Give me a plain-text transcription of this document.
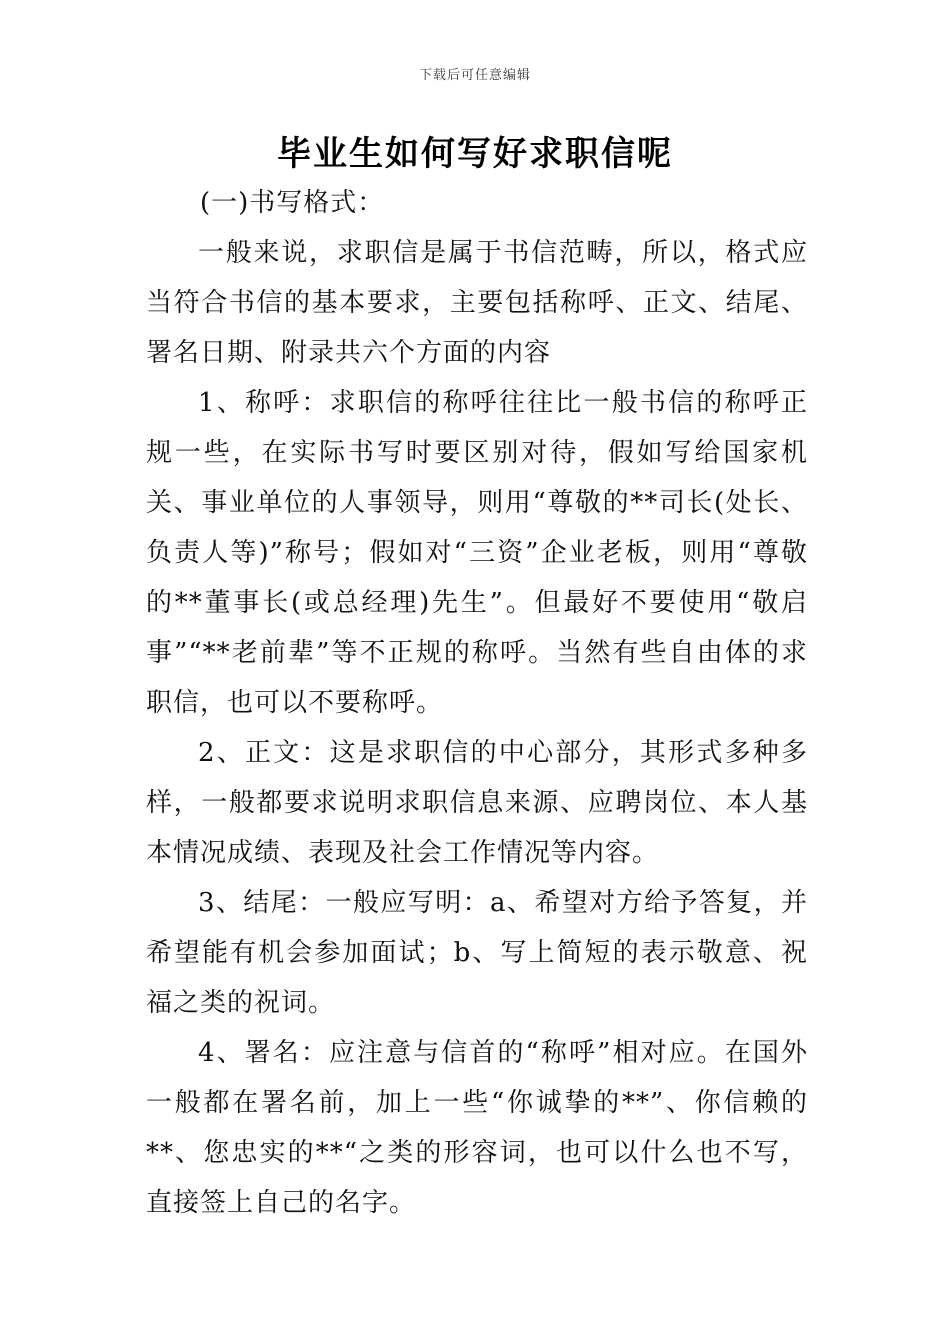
下载后可任意编辑
毕业生如何写好求职信呢

(一)书写格式：

一般来说，求职信是属于书信范畴，所以，格式应当符合书信的基本要求，主要包括称呼、正文、结尾、署名日期、附录共六个方面的内容

1、称呼：求职信的称呼往往比一般书信的称呼正规一些，在实际书写时要区别对待，假如写给国家机关、事业单位的人事领导，则用“尊敬的**司长(处长、负责人等)”称号；假如对“三资”企业老板，则用“尊敬的**董事长(或总经理)先生”。但最好不要使用“敬启事”“**老前辈”等不正规的称呼。当然有些自由体的求职信，也可以不要称呼。

2、正文：这是求职信的中心部分，其形式多种多样，一般都要求说明求职信息来源、应聘岗位、本人基本情况成绩、表现及社会工作情况等内容。

3、结尾：一般应写明：a、希望对方给予答复，并希望能有机会参加面试；b、写上简短的表示敬意、祝福之类的祝词。

4、署名：应注意与信首的“称呼”相对应。在国外一般都在署名前，加上一些“你诚挚的**”、你信赖的**、您忠实的**“之类的形容词，也可以什么也不写，直接签上自己的名字。
